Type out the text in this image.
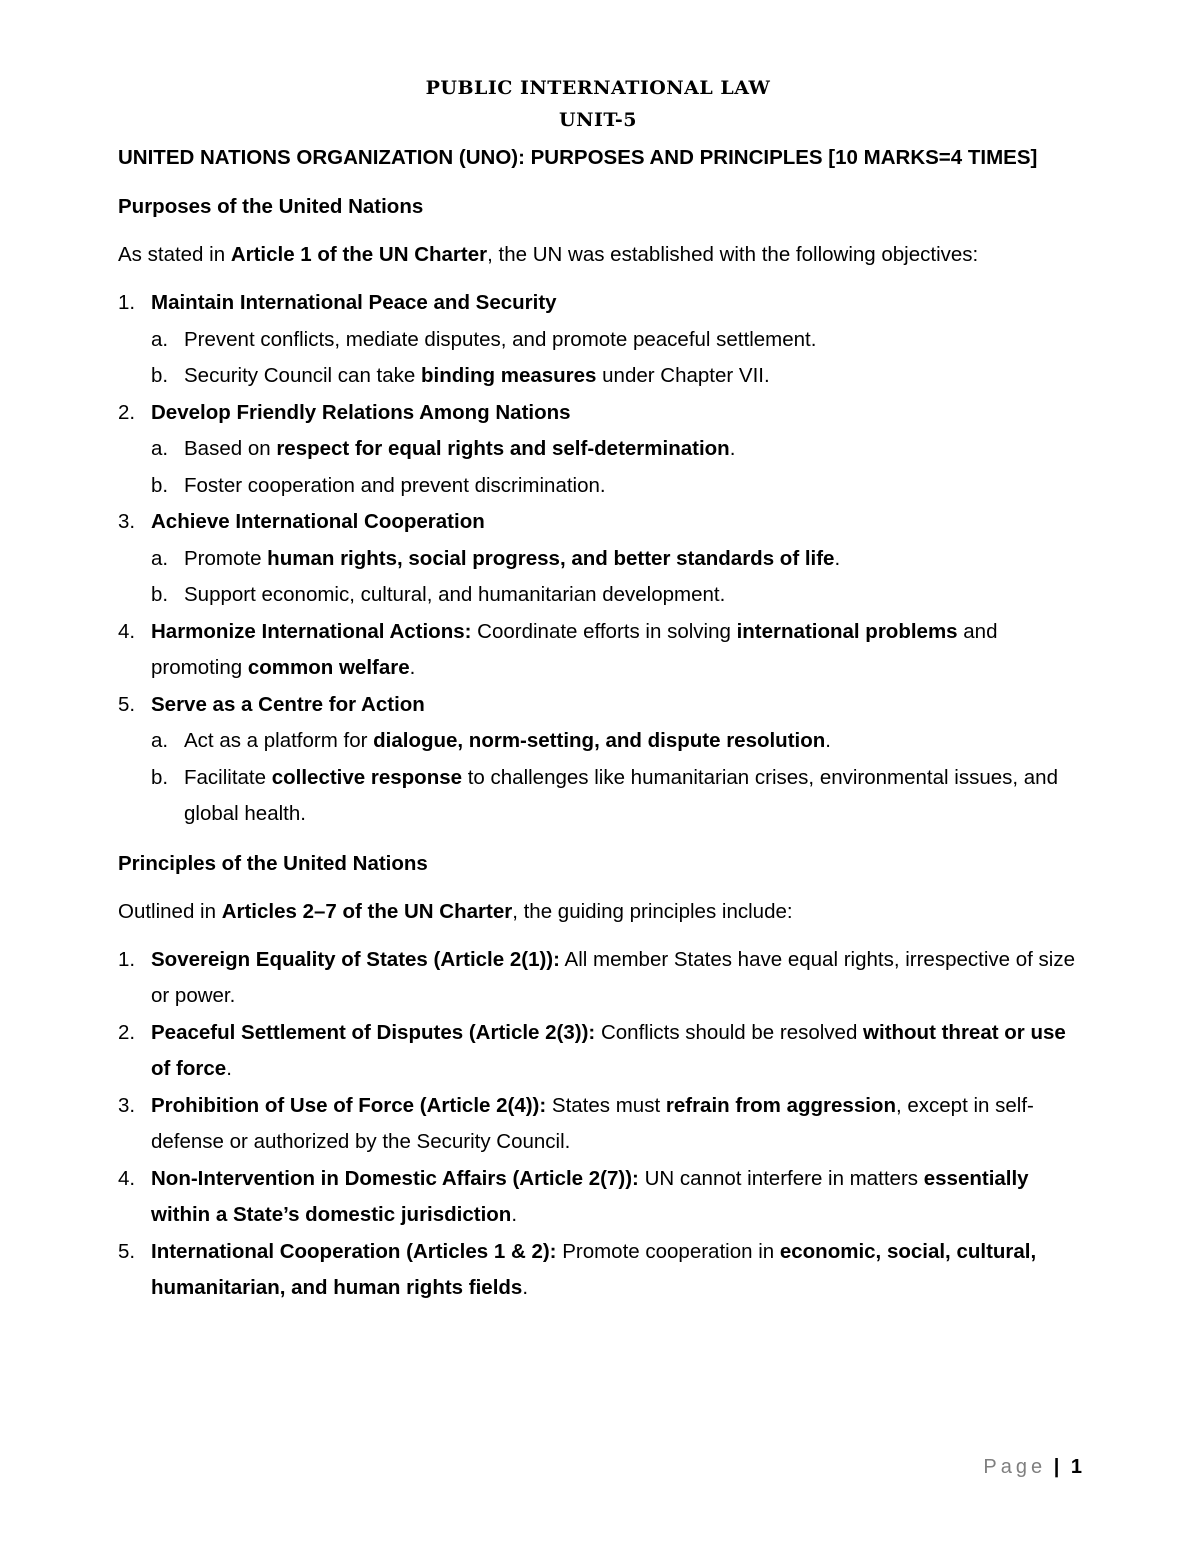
PUBLIC INTERNATIONAL LAW
UNIT-5
UNITED NATIONS ORGANIZATION (UNO): PURPOSES AND PRINCIPLES [10 MARKS=4 TIMES]
Purposes of the United Nations
As stated in Article 1 of the UN Charter, the UN was established with the following objectives:
1. Maintain International Peace and Security
a. Prevent conflicts, mediate disputes, and promote peaceful settlement.
b. Security Council can take binding measures under Chapter VII.
2. Develop Friendly Relations Among Nations
a. Based on respect for equal rights and self-determination.
b. Foster cooperation and prevent discrimination.
3. Achieve International Cooperation
a. Promote human rights, social progress, and better standards of life.
b. Support economic, cultural, and humanitarian development.
4. Harmonize International Actions: Coordinate efforts in solving international problems and promoting common welfare.
5. Serve as a Centre for Action
a. Act as a platform for dialogue, norm-setting, and dispute resolution.
b. Facilitate collective response to challenges like humanitarian crises, environmental issues, and global health.
Principles of the United Nations
Outlined in Articles 2–7 of the UN Charter, the guiding principles include:
1. Sovereign Equality of States (Article 2(1)): All member States have equal rights, irrespective of size or power.
2. Peaceful Settlement of Disputes (Article 2(3)): Conflicts should be resolved without threat or use of force.
3. Prohibition of Use of Force (Article 2(4)): States must refrain from aggression, except in self-defense or authorized by the Security Council.
4. Non-Intervention in Domestic Affairs (Article 2(7)): UN cannot interfere in matters essentially within a State’s domestic jurisdiction.
5. International Cooperation (Articles 1 & 2): Promote cooperation in economic, social, cultural, humanitarian, and human rights fields.
Page | 1
